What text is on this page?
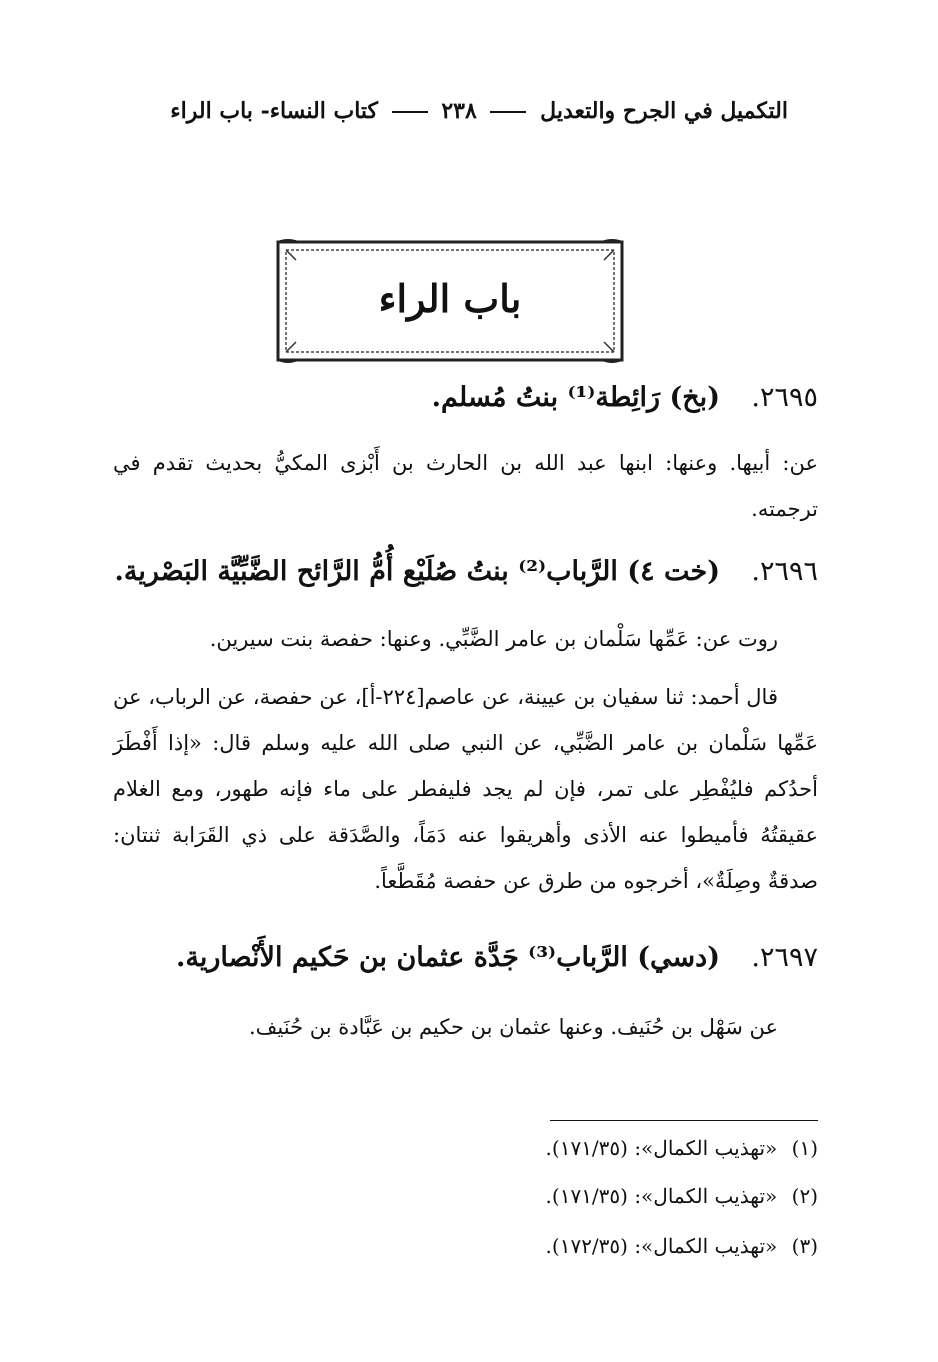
التكميل في الجرح والتعديل  ٢٣٨  كتاب النساء- باب الراء
باب الراء
٢٦٩٥. (بخ) رَائِطة⁽¹⁾ بنتُ مُسلم.
عن: أبيها. وعنها: ابنها عبد الله بن الحارث بن أَبْزى المكيُّ بحديث تقدم في ترجمته.
٢٦٩٦. (خت ٤) الرَّباب⁽²⁾ بنتُ صُلَيْع أُمُّ الرَّائح الضَّبِّيَّة البَصْرية.
روت عن: عَمِّها سَلْمان بن عامر الضَّبِّي. وعنها: حفصة بنت سيرين.
قال أحمد: ثنا سفيان بن عيينة، عن عاصم[٢٢٤-أ]، عن حفصة، عن الرباب، عن عَمِّها سَلْمان بن عامر الضَّبِّي، عن النبي صلى الله عليه وسلم قال: «إذا أَفْطَرَ أحدُكم فليُفْطِر على تمر، فإن لم يجد فليفطر على ماء فإنه طهور، ومع الغلام عقيقتُهُ فأميطوا عنه الأذى وأهريقوا عنه دَمَاً، والصَّدَقة على ذي القَرَابة ثنتان: صدقةٌ وصِلَةٌ»، أخرجوه من طرق عن حفصة مُقَطَّعاً.
٢٦٩٧. (دسي) الرَّباب⁽³⁾ جَدَّة عثمان بن حَكيم الأَنْصارية.
عن سَهْل بن حُنَيف. وعنها عثمان بن حكيم بن عَبَّادة بن حُنَيف.
(١) «تهذيب الكمال»: (١٧١/٣٥).
(٢) «تهذيب الكمال»: (١٧١/٣٥).
(٣) «تهذيب الكمال»: (١٧٢/٣٥).
